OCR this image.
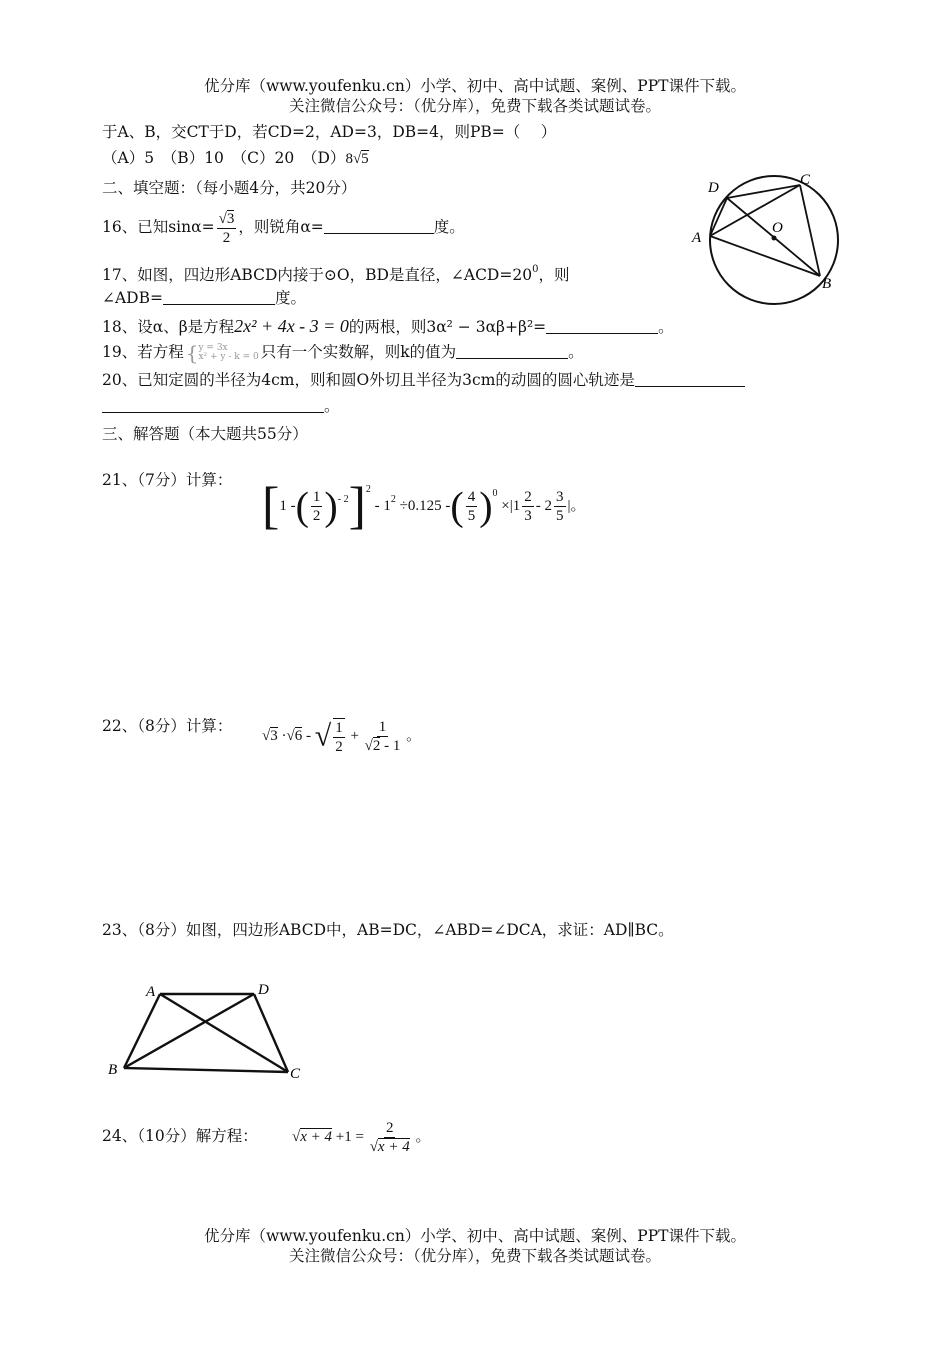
优分库（www.youfenku.cn）小学、初中、高中试题、案例、PPT课件下载。
关注微信公众号：（优分库），免费下载各类试题试卷。
于A、B，交CT于D，若CD=2，AD=3，DB=4，则PB=（　 ）
（A）5　（B）10　（C）20　（D）8√5
二、填空题：（每小题4分，共20分）
16、已知$\sin\alpha= \frac{√3}{2}$ ，则锐角α=	度。
17、如图，四边形ABCD内接于⊙O，BD是直径，$\angle ACD=20^0$，则
∠ADB=	度。
D	C
A
O
B
18、设α、β是方程2x² + 4x - 3 = 0的两根，则3α² − 3αβ+β²=	。
19、若方程 { y = 3x
x² + y - k = 0 只有一个实数解，则k的值为	。
20、已知定圆的半径为4cm，则和圆O外切且半径为3cm的动圆的圆心轨迹是
。
三、解答题（本大题共55分）
21、（7分）计算： [1 -( $\frac{1}{2} )^{- 2}]^2 - 1^2 \div 0.125$ -( $\frac{4}{5} )^0 \times|1 \frac{2}{3} - 2 \frac{3}{5}$ |。
22、（8分）计算：
√3 ·√6 - √ $\frac{1}{2} + \frac{1}{√2 - 1}$ 。
23、（8分）如图，四边形ABCD中，AB=DC，∠ABD=∠DCA，求证：AD∥BC。
A	D
B	C
24、（10分）解方程： $√x + 4 +1 = \frac{2}{√x + 4}$ 。
优分库（www.youfenku.cn）小学、初中、高中试题、案例、PPT课件下载。
关注微信公众号：（优分库），免费下载各类试题试卷。
